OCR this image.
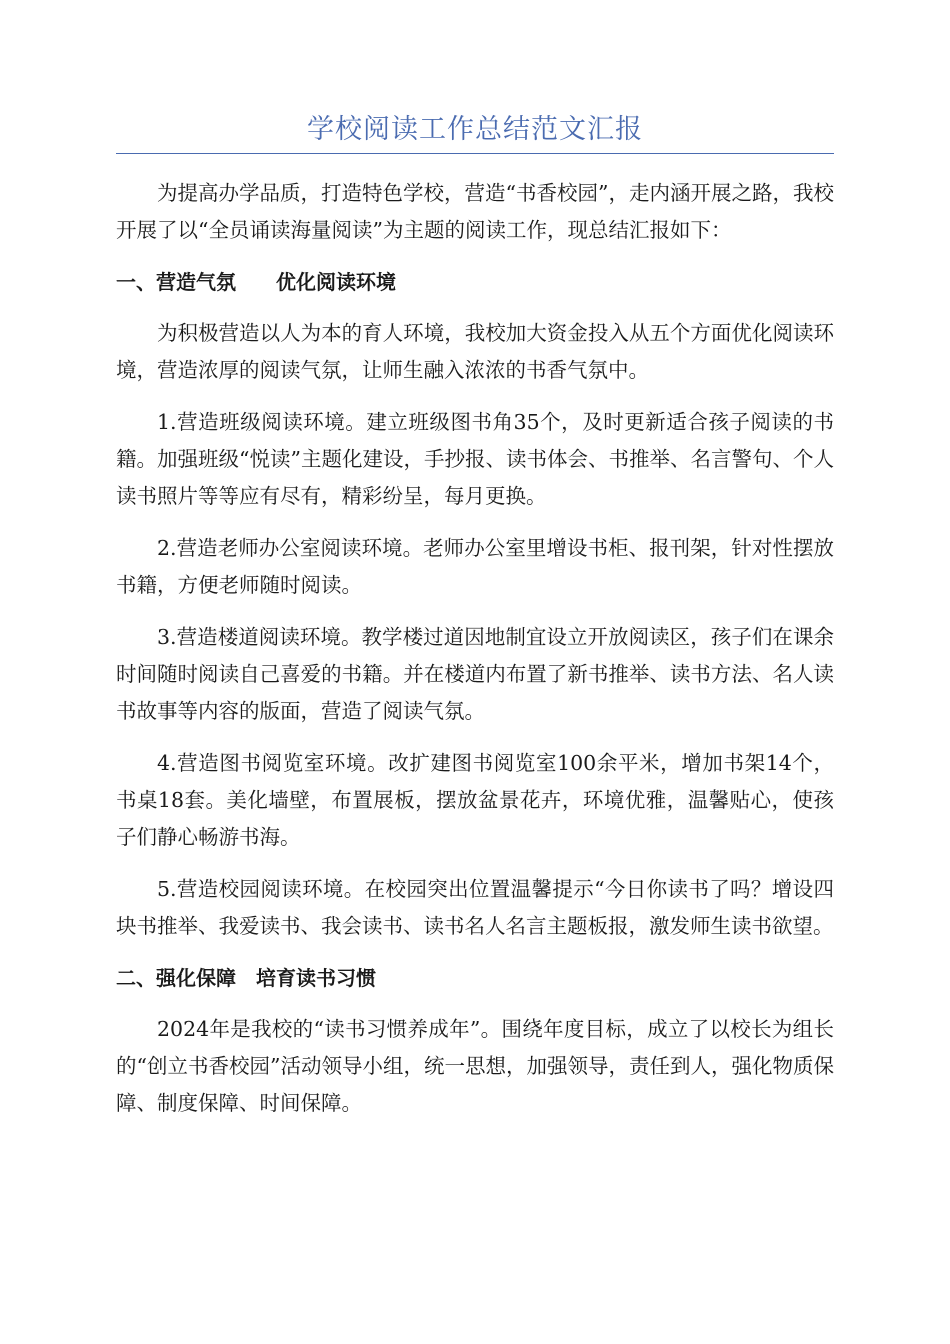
学校阅读工作总结范文汇报

为提高办学品质，打造特色学校，营造“书香校园”，走内涵开展之路，我校开展了以“全员诵读海量阅读”为主题的阅读工作，现总结汇报如下：

一、营造气氛　　优化阅读环境

为积极营造以人为本的育人环境，我校加大资金投入从五个方面优化阅读环境，营造浓厚的阅读气氛，让师生融入浓浓的书香气氛中。

1.营造班级阅读环境。建立班级图书角35个，及时更新适合孩子阅读的书籍。加强班级“悦读”主题化建设，手抄报、读书体会、书推举、名言警句、个人读书照片等等应有尽有，精彩纷呈，每月更换。

2.营造老师办公室阅读环境。老师办公室里增设书柜、报刊架，针对性摆放书籍，方便老师随时阅读。

3.营造楼道阅读环境。教学楼过道因地制宜设立开放阅读区，孩子们在课余时间随时阅读自己喜爱的书籍。并在楼道内布置了新书推举、读书方法、名人读书故事等内容的版面，营造了阅读气氛。

4.营造图书阅览室环境。改扩建图书阅览室100余平米，增加书架14个，书桌18套。美化墙壁，布置展板，摆放盆景花卉，环境优雅，温馨贴心，使孩子们静心畅游书海。

5.营造校园阅读环境。在校园突出位置温馨提示“今日你读书了吗？增设四块书推举、我爱读书、我会读书、读书名人名言主题板报，激发师生读书欲望。

二、强化保障　培育读书习惯

2024年是我校的“读书习惯养成年”。围绕年度目标，成立了以校长为组长的“创立书香校园”活动领导小组，统一思想，加强领导，责任到人，强化物质保障、制度保障、时间保障。
